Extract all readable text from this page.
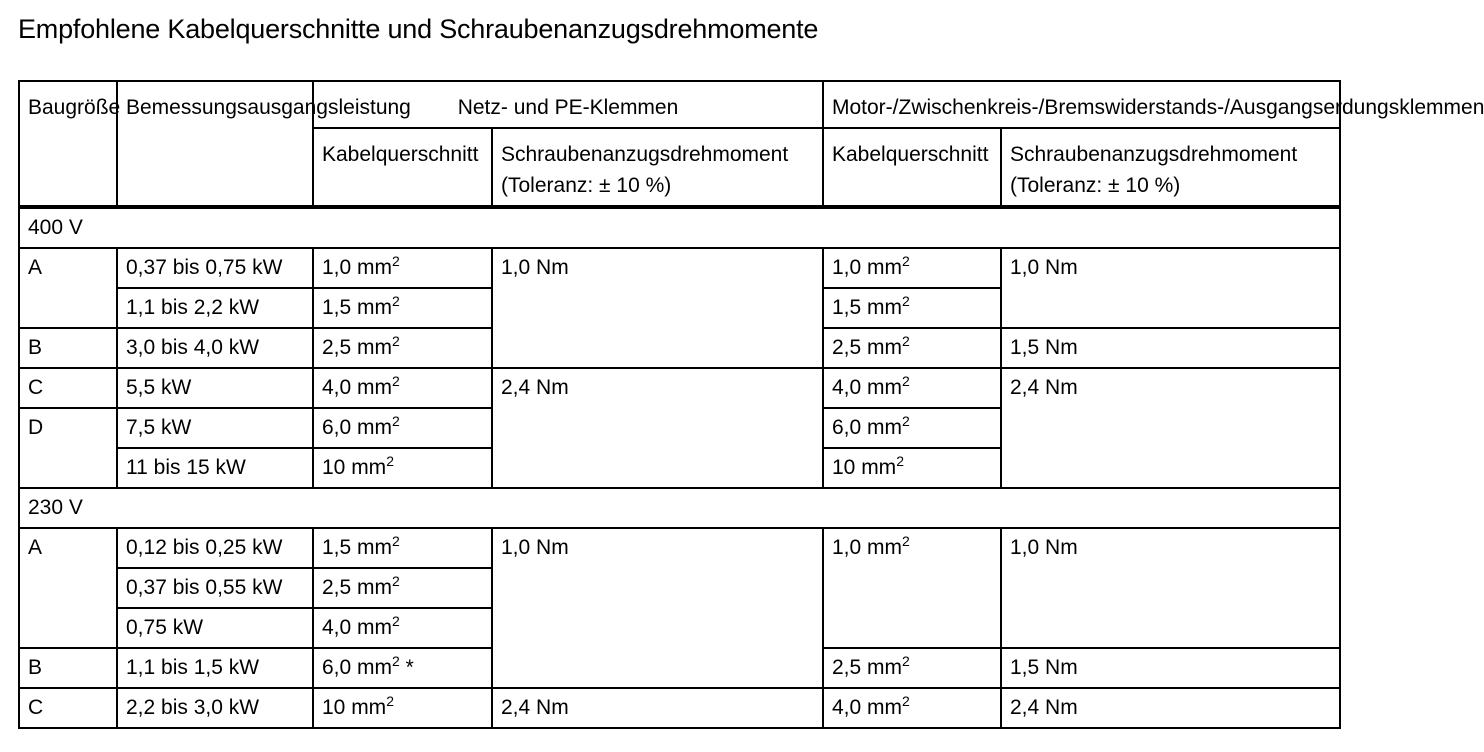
Empfohlene Kabelquerschnitte und Schraubenanzugsdrehmomente
Baugröße	Bemessungsausgangsleistung	Netz- und PE-Klemmen		Motor-/Zwischenkreis-/Bremswiderstands-/Ausgangserdungsklemmen	
		Kabelquerschnitt	Schraubenanzugsdrehmoment (Toleranz: ± 10 %)	Kabelquerschnitt	Schraubenanzugsdrehmoment (Toleranz: ± 10 %)
400 V					
A	0,37 bis 0,75 kW	1,0 $mm^2$	1,0 Nm	1,0 $mm^2$	1,0 Nm
	1,1 bis 2,2 kW	1,5 $mm^2$		1,5 $mm^2$
B	3,0 bis 4,0 kW	2,5 $mm^2$		2,5 $mm^2$	1,5 Nm
C	5,5 kW	4,0 $mm^2$	2,4 Nm	4,0 $mm^2$	2,4 Nm
D	7,5 kW	6,0 $mm^2$		6,0 $mm^2$
	11 bis 15 kW	10 $mm^2$		10 $mm^2$
230 V					
A	0,12 bis 0,25 kW	1,5 $mm^2$	1,0 Nm	1,0 $mm^2$	1,0 Nm
	0,37 bis 0,55 kW	2,5 $mm^2$
	0,75 kW	4,0 $mm^2$
B	1,1 bis 1,5 kW	6,0 $mm^2$ *		2,5 $mm^2$	1,5 Nm
C	2,2 bis 3,0 kW	10 $mm^2$	2,4 Nm	4,0 $mm^2$	2,4 Nm
